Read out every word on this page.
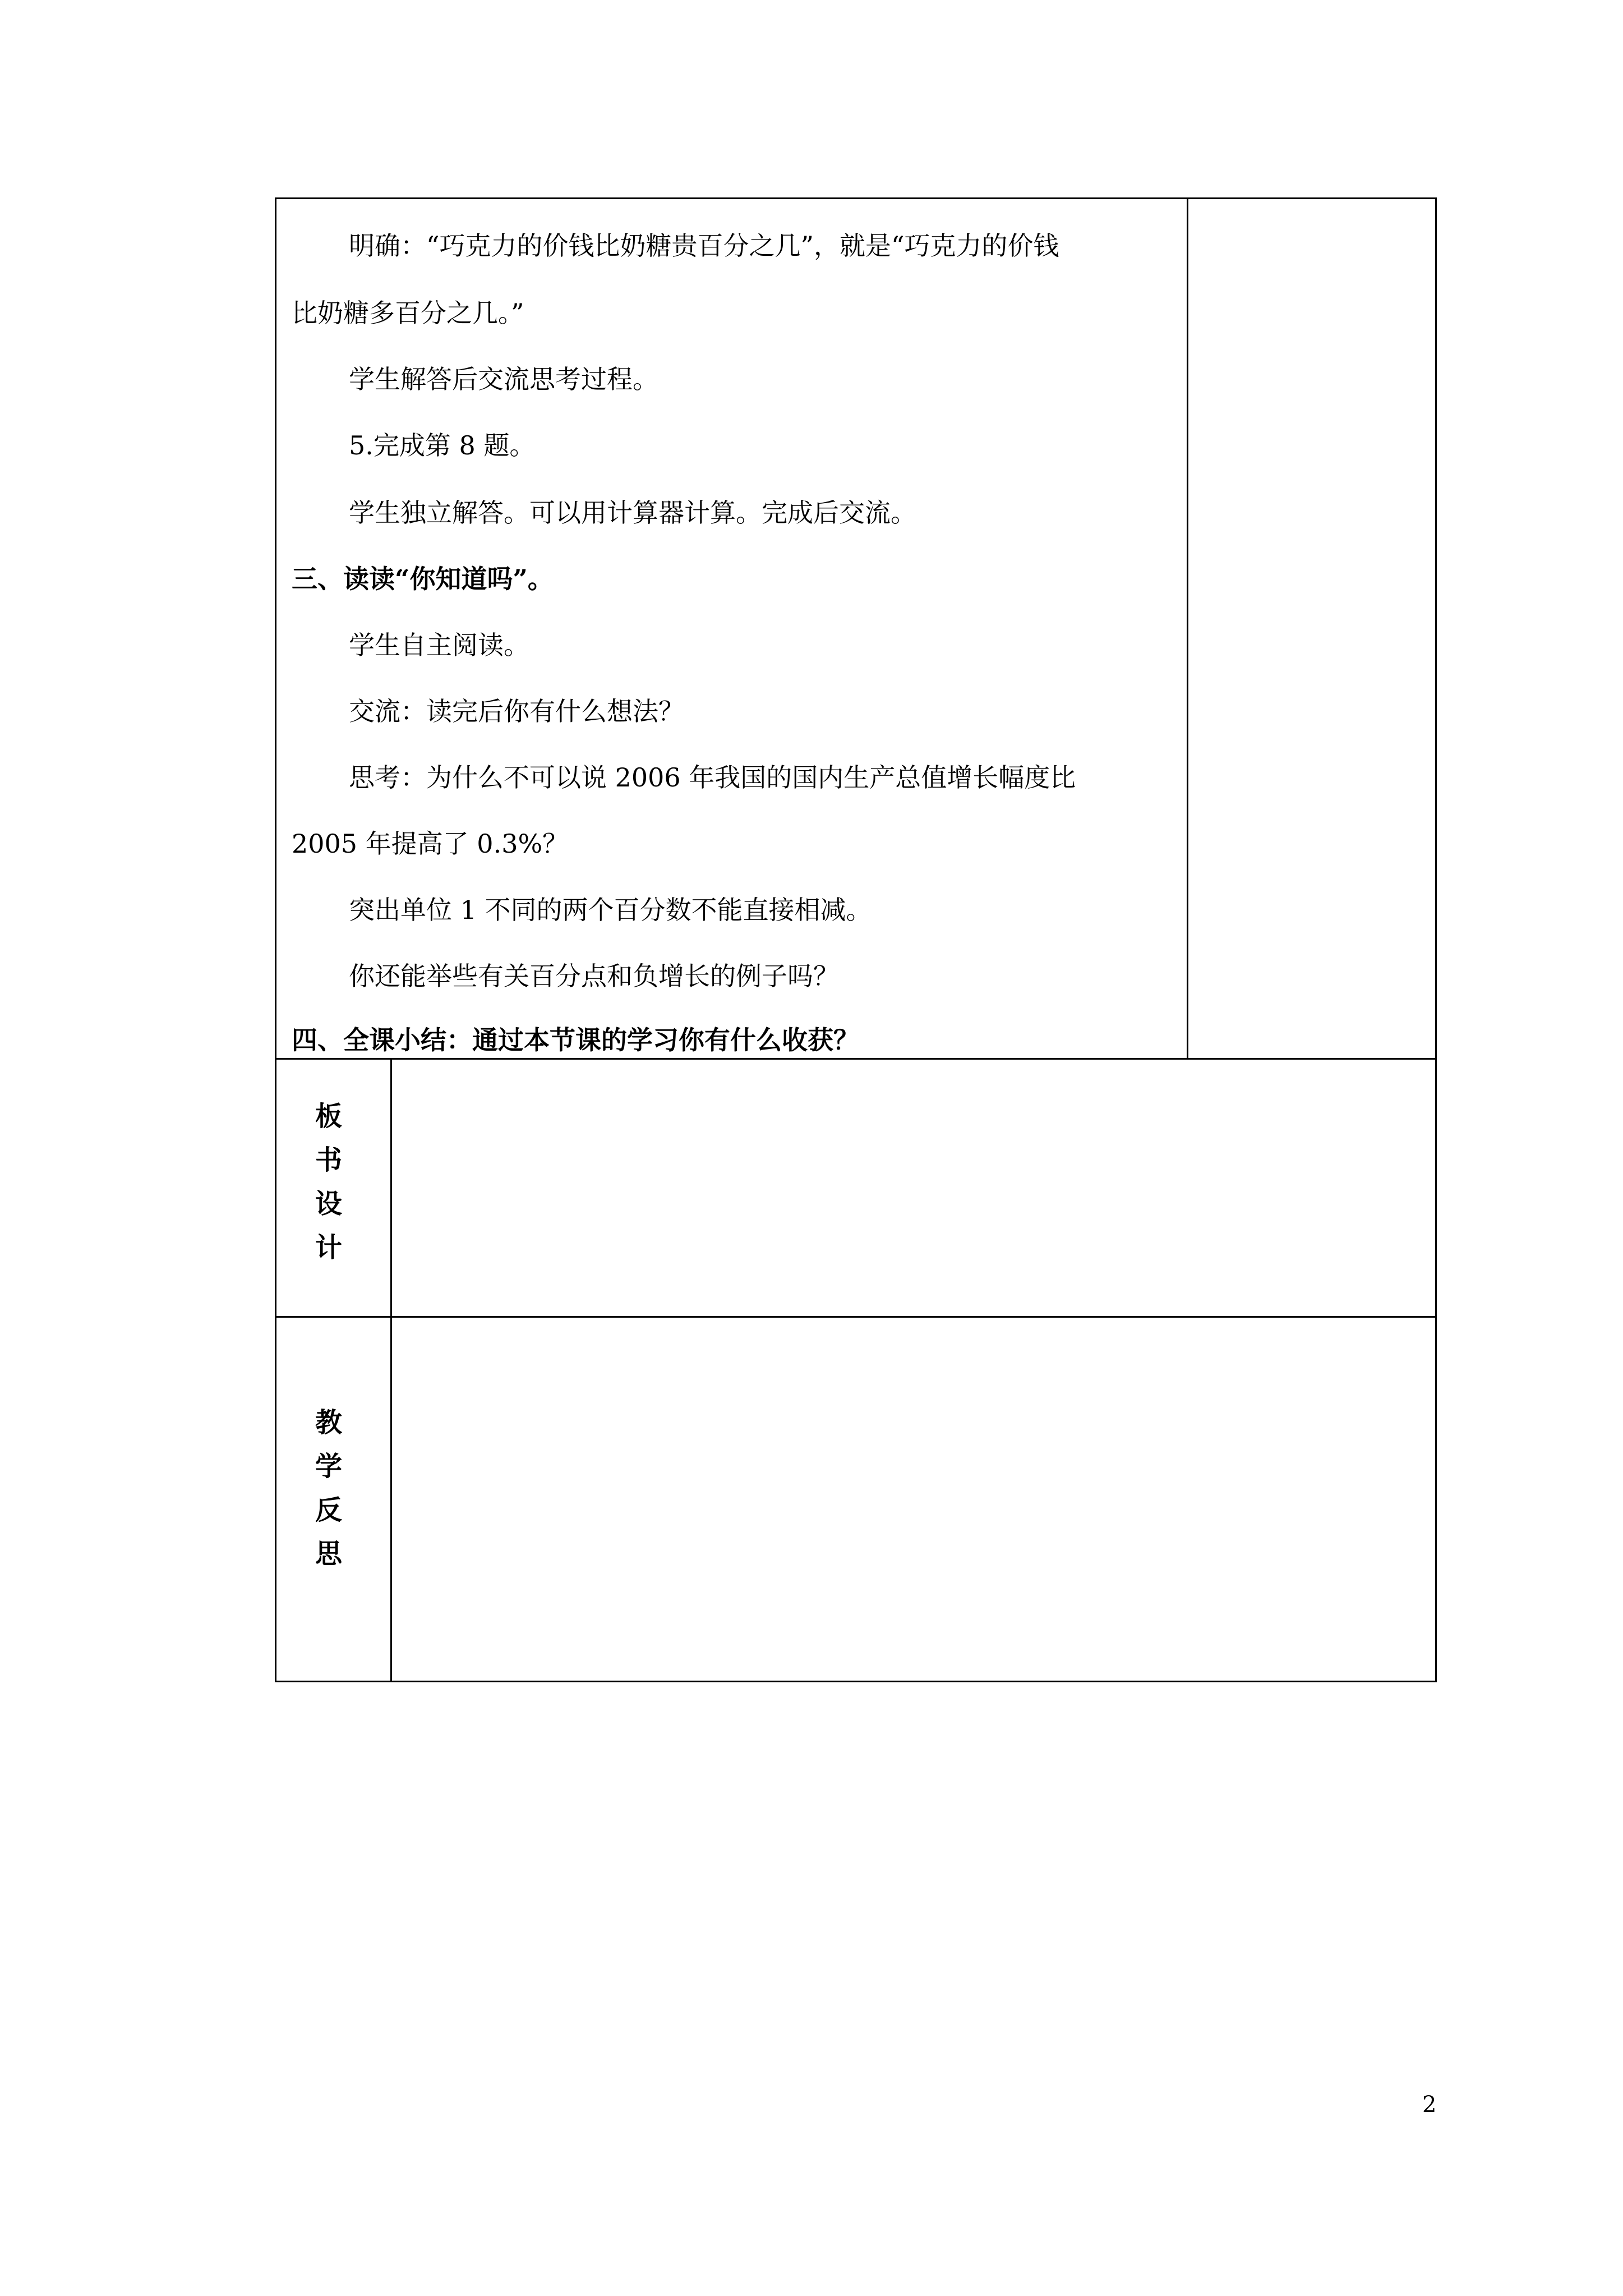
明确：“巧克力的价钱比奶糖贵百分之几”，就是“巧克力的价钱
比奶糖多百分之几。”
学生解答后交流思考过程。
5.完成第 8 题。
学生独立解答。可以用计算器计算。完成后交流。
三、读读“你知道吗”。
学生自主阅读。
交流：读完后你有什么想法？
思考：为什么不可以说 2006 年我国的国内生产总值增长幅度比
2005 年提高了 0.3%？
突出单位 1 不同的两个百分数不能直接相减。
你还能举些有关百分点和负增长的例子吗？
四、全课小结：通过本节课的学习你有什么收获？
板
书
设
计
教
学
反
思
2
